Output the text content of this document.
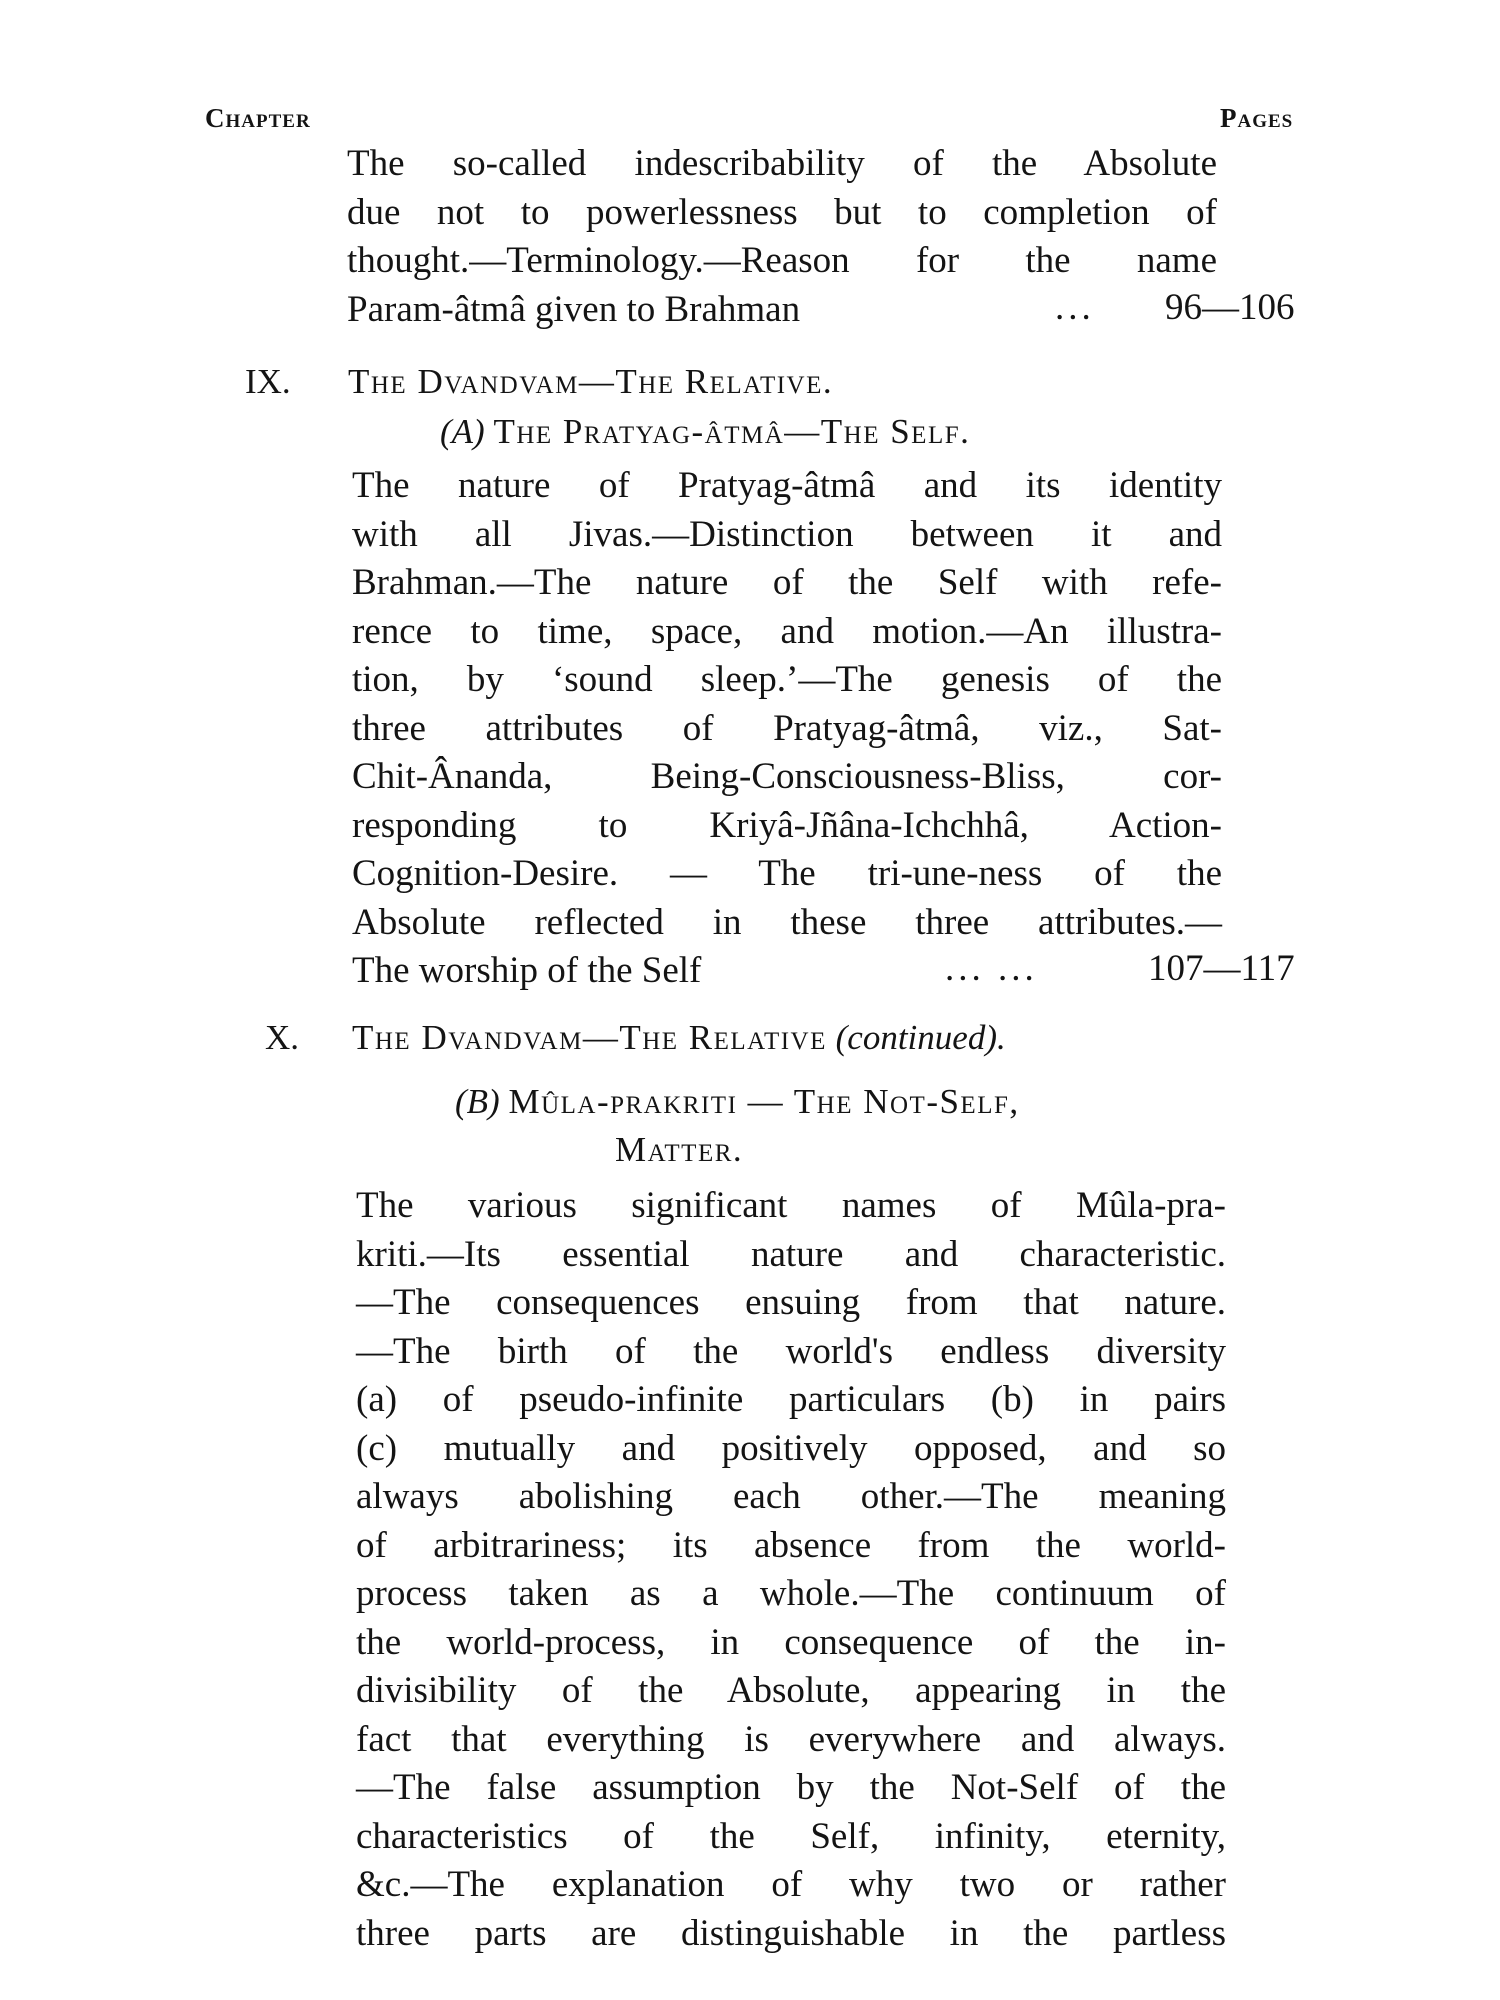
Chapter	Pages
The so-called indescribability of the Absolute
due not to powerlessness but to completion of
thought.—Terminology.—Reason for the name
Param-âtmâ given to Brahman	... 96—106
IX. The Dvandvam—The Relative.
(A) The Pratyag-âtmâ—The Self.
The nature of Pratyag-âtmâ and its identity
with all Jivas.—Distinction between it and
Brahman.—The nature of the Self with refe-
rence to time, space, and motion.—An illustra-
tion, by ‘sound sleep.’—The genesis of the
three attributes of Pratyag-âtmâ, viz., Sat-
Chit-Ânanda, Being-Consciousness-Bliss, cor-
responding to Kriyâ-Jñâna-Ichchhâ, Action-
Cognition-Desire. — The tri-une-ness of the
Absolute reflected in these three attributes.—
The worship of the Self	... ...	107—117
X. The Dvandvam—The Relative (continued).
(B) Mûla-prakriti — The Not-Self,
Matter.
The various significant names of Mûla-pra-
kriti.—Its essential nature and characteristic.
—The consequences ensuing from that nature.
—The birth of the world's endless diversity
(a) of pseudo-infinite particulars (b) in pairs
(c) mutually and positively opposed, and so
always abolishing each other.—The meaning
of arbitrariness; its absence from the world-
process taken as a whole.—The continuum of
the world-process, in consequence of the in-
divisibility of the Absolute, appearing in the
fact that everything is everywhere and always.
—The false assumption by the Not-Self of the
characteristics of the Self, infinity, eternity,
&c.—The explanation of why two or rather
three parts are distinguishable in the partless
